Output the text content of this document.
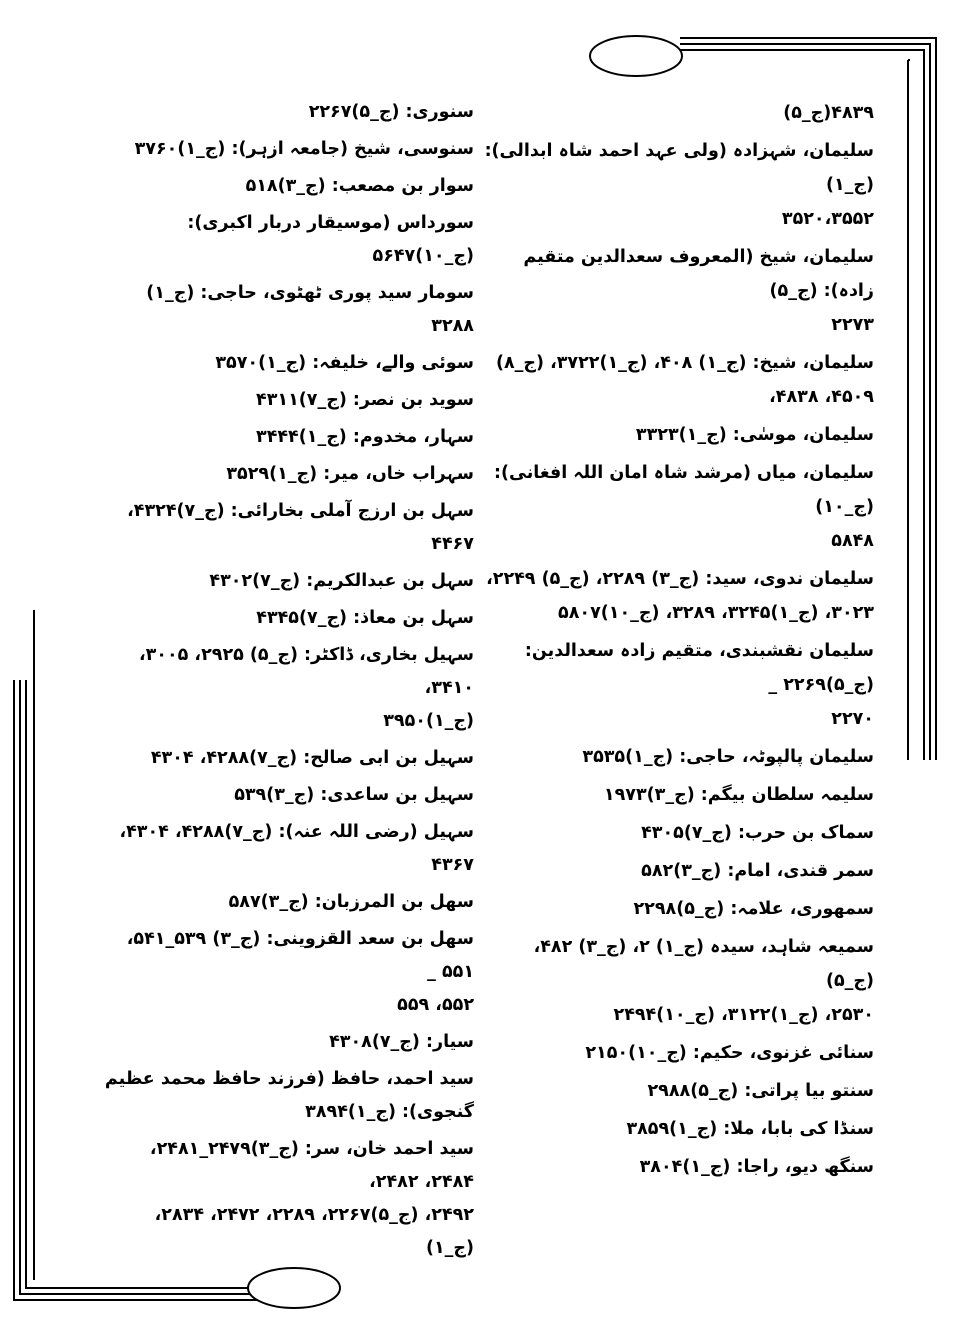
۴۸۳۹(ج_۵)
سلیمان، شہزادہ (ولی عہد احمد شاہ ابدالی): (ج_۱)
۳۵۲۰،۳۵۵۲
سلیمان، شیخ (المعروف سعدالدین متقیم زادہ): (ج_۵)
۲۲۷۳
سلیمان، شیخ: (ج_۱) ۴۰۸، (ج_۱)۳۷۲۲، (ج_۸)
۴۵۰۹، ۴۸۳۸،
سلیمان، موسٰی: (ج_۱)۳۳۲۳
سلیمان، میاں (مرشد شاہ امان اللہ افغانی): (ج_۱۰)
۵۸۴۸
سلیمان ندوی، سید: (ج_۳) ۲۲۸۹، (ج_۵) ۲۲۴۹،
۳۰۲۳، (ج_۱)۳۲۴۵، ۳۲۸۹، (ج_۱۰)۵۸۰۷
سلیمان نقشبندی، متقیم زادہ سعدالدین: (ج_۵)۲۲۶۹ _
۲۲۷۰
سلیمان پالپوٹہ، حاجی: (ج_۱)۳۵۳۵
سلیمہ سلطان بیگم: (ج_۳)۱۹۷۳
سماک بن حرب: (ج_۷)۴۳۰۵
سمر قندی، امام: (ج_۳)۵۸۲
سمھوری، علامہ: (ج_۵)۲۲۹۸
سمیعہ شاہد، سیدہ (ج_۱) ۲، (ج_۳) ۴۸۲، (ج_۵)
۲۵۳۰، (ج_۱)۳۱۲۲، (ج_۱۰)۲۴۹۴
سنائی غزنوی، حکیم: (ج_۱۰)۲۱۵۰
سنتو بیا پراتی: (ج_۵)۲۹۸۸
سنڈا کی بابا، ملا: (ج_۱)۳۸۵۹
سنگھ دیو، راجا: (ج_۱)۳۸۰۴
سنوری: (ج_۵)۲۲۶۷
سنوسی، شیخ (جامعہ ازہر): (ج_۱)۳۷۶۰
سوار بن مصعب: (ج_۳)۵۱۸
سورداس (موسیقار دربار اکبری): (ج_۱۰)۵۶۴۷
سومار سید پوری ٹھٹوی، حاجی: (ج_۱) ۳۲۸۸
سوئی والے، خلیفہ: (ج_۱)۳۵۷۰
سوید بن نصر: (ج_۷)۴۳۱۱
سہار، مخدوم: (ج_۱)۳۴۴۴
سہراب خاں، میر: (ج_۱)۳۵۲۹
سہل بن ارزج آملی بخارائی: (ج_۷)۴۳۲۴، ۴۴۶۷
سہل بن عبدالکریم: (ج_۷)۴۳۰۲
سہل بن معاذ: (ج_۷)۴۳۴۵
سہیل بخاری، ڈاکٹر: (ج_۵) ۲۹۲۵، ۳۰۰۵، ۳۴۱۰،
(ج_۱)۳۹۵۰
سہیل بن ابی صالح: (ج_۷)۴۲۸۸، ۴۳۰۴
سہیل بن ساعدی: (ج_۳)۵۳۹
سہیل (رضی اللہ عنہ): (ج_۷)۴۲۸۸، ۴۳۰۴، ۴۳۶۷
سھل بن المرزبان: (ج_۳)۵۸۷
سھل بن سعد القزوینی: (ج_۳) ۵۳۹_۵۴۱، ۵۵۱ _
۵۵۲، ۵۵۹
سیار: (ج_۷)۴۳۰۸
سید احمد، حافظ (فرزند حافظ محمد عظیم گنجوی): (ج_۱)۳۸۹۴
سید احمد خان، سر: (ج_۳)۲۴۷۹_۲۴۸۱، ۲۴۸۴، ۲۴۸۲،
۲۴۹۲، (ج_۵)۲۲۶۷، ۲۲۸۹، ۲۴۷۲، ۲۸۳۴، (ج_۱)
